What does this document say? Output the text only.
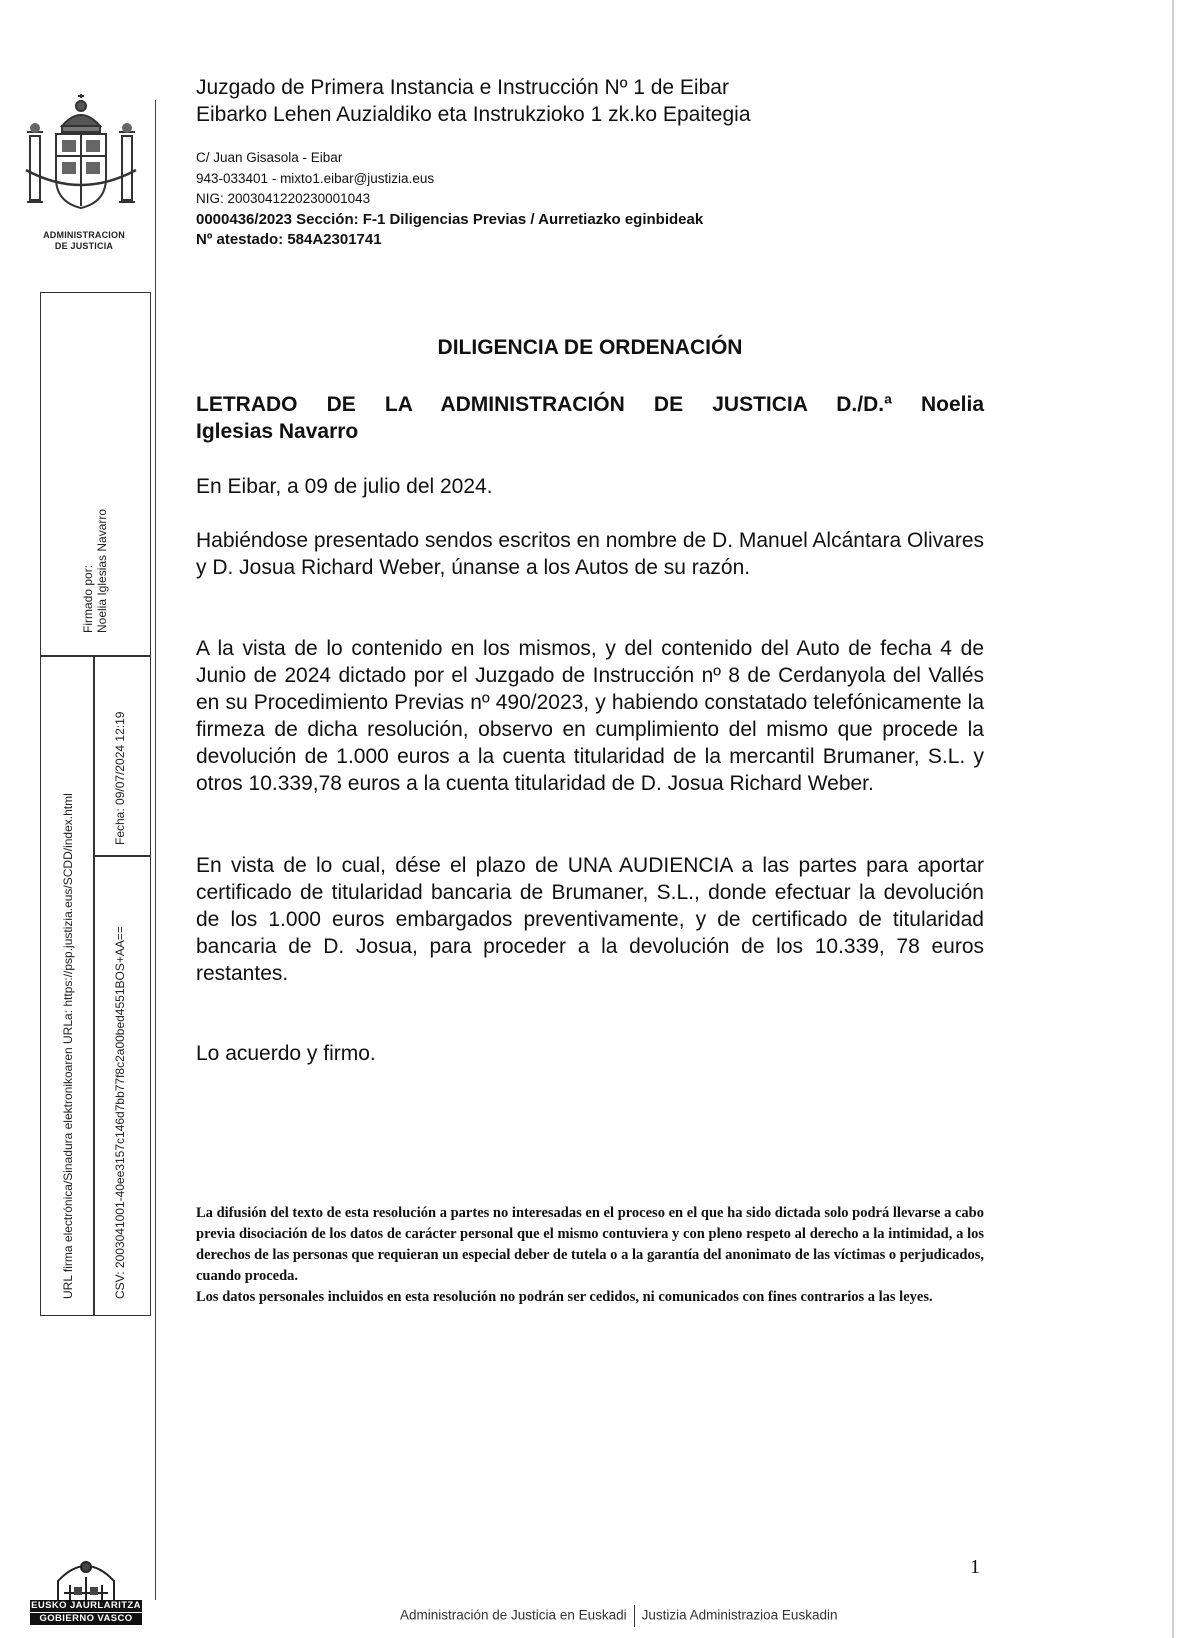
ADMINISTRACION
DE JUSTICIA
Firmado por: Noelia Iglesias Navarro
URL firma electrónica/Sinadura elektronikoaren URLa: https://psp.justizia.eus/SCDD/index.html
Fecha: 09/07/2024 12:19
CSV: 2003041001-40ee3157c146d7bb77f8c2a00bed4551BOS+AA==
Juzgado de Primera Instancia e Instrucción Nº 1 de Eibar
Eibarko Lehen Auzialdiko eta Instrukzioko 1 zk.ko Epaitegia
C/ Juan Gisasola - Eibar
943-033401 - mixto1.eibar@justizia.eus
NIG: 2003041220230001043
0000436/2023 Sección: F-1 Diligencias Previas / Aurretiazko eginbideak
Nº atestado: 584A2301741
DILIGENCIA DE ORDENACIÓN
LETRADO DE LA ADMINISTRACIÓN DE JUSTICIA D./D.ª Noelia
Iglesias Navarro
En Eibar, a 09 de julio del 2024.
Habiéndose presentado sendos escritos en nombre de D. Manuel Alcántara Olivares y D. Josua Richard Weber, únanse a los Autos de su razón.
A la vista de lo contenido en los mismos, y del contenido del Auto de fecha 4 de Junio de 2024 dictado por el Juzgado de Instrucción nº 8 de Cerdanyola del Vallés en su Procedimiento Previas nº 490/2023, y habiendo constatado telefónicamente la firmeza de dicha resolución, observo en cumplimiento del mismo que procede la devolución de 1.000 euros a la cuenta titularidad de la mercantil Brumaner, S.L. y otros 10.339,78 euros a la cuenta titularidad de D. Josua Richard Weber.
En vista de lo cual, dése el plazo de UNA AUDIENCIA a las partes para aportar certificado de titularidad bancaria de Brumaner, S.L., donde efectuar la devolución de los 1.000 euros embargados preventivamente, y de certificado de titularidad bancaria de D. Josua, para proceder a la devolución de los 10.339, 78 euros restantes.
Lo acuerdo y firmo.

La difusión del texto de esta resolución a partes no interesadas en el proceso en el que ha sido dictada solo podrá llevarse a cabo previa disociación de los datos de carácter personal que el mismo contuviera y con pleno respeto al derecho a la intimidad, a los derechos de las personas que requieran un especial deber de tutela o a la garantía del anonimato de las víctimas o perjudicados, cuando proceda.

Los datos personales incluidos en esta resolución no podrán ser cedidos, ni comunicados con fines contrarios a las leyes.

1
EUSKO JAURLARITZA
GOBIERNO VASCO	Administración de Justicia en Euskadi Justizia Administrazioa Euskadin
